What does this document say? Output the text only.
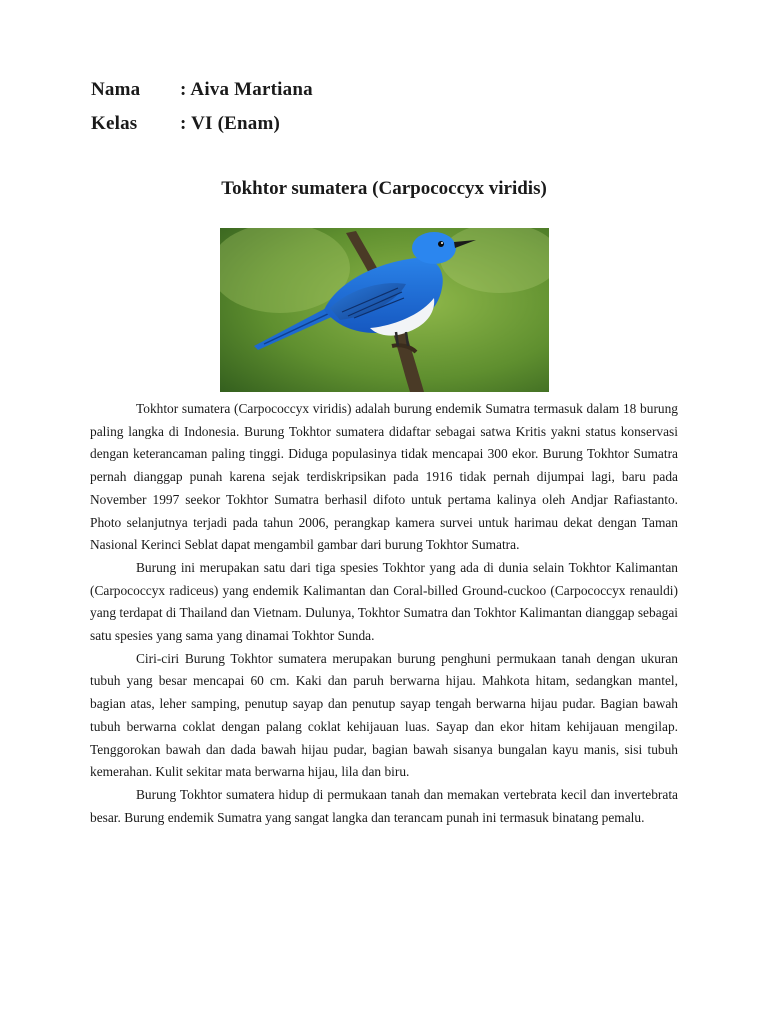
Nama : Aiva Martiana
Kelas : VI (Enam)
Tokhtor sumatera (Carpococcyx viridis)

Tokhtor sumatera (Carpococcyx viridis) adalah burung endemik Sumatra termasuk dalam 18 burung paling langka di Indonesia. Burung Tokhtor sumatera didaftar sebagai satwa Kritis yakni status konservasi dengan keterancaman paling tinggi. Diduga populasinya tidak mencapai 300 ekor. Burung Tokhtor Sumatra pernah dianggap punah karena sejak terdiskripsikan pada 1916 tidak pernah dijumpai lagi, baru pada November 1997 seekor Tokhtor Sumatra berhasil difoto untuk pertama kalinya oleh Andjar Rafiastanto. Photo selanjutnya terjadi pada tahun 2006, perangkap kamera survei untuk harimau dekat dengan Taman Nasional Kerinci Seblat dapat mengambil gambar dari burung Tokhtor Sumatra.

Burung ini merupakan satu dari tiga spesies Tokhtor yang ada di dunia selain Tokhtor Kalimantan (Carpococcyx radiceus) yang endemik Kalimantan dan Coral-billed Ground-cuckoo (Carpococcyx renauldi) yang terdapat di Thailand dan Vietnam. Dulunya, Tokhtor Sumatra dan Tokhtor Kalimantan dianggap sebagai satu spesies yang sama yang dinamai Tokhtor Sunda.

Ciri-ciri Burung Tokhtor sumatera merupakan burung penghuni permukaan tanah dengan ukuran tubuh yang besar mencapai 60 cm. Kaki dan paruh berwarna hijau. Mahkota hitam, sedangkan mantel, bagian atas, leher samping, penutup sayap dan penutup sayap tengah berwarna hijau pudar. Bagian bawah tubuh berwarna coklat dengan palang coklat kehijauan luas. Sayap dan ekor hitam kehijauan mengilap. Tenggorokan bawah dan dada bawah hijau pudar, bagian bawah sisanya bungalan kayu manis, sisi tubuh kemerahan. Kulit sekitar mata berwarna hijau, lila dan biru.

Burung Tokhtor sumatera hidup di permukaan tanah dan memakan vertebrata kecil dan invertebrata besar. Burung endemik Sumatra yang sangat langka dan terancam punah ini termasuk binatang pemalu.
